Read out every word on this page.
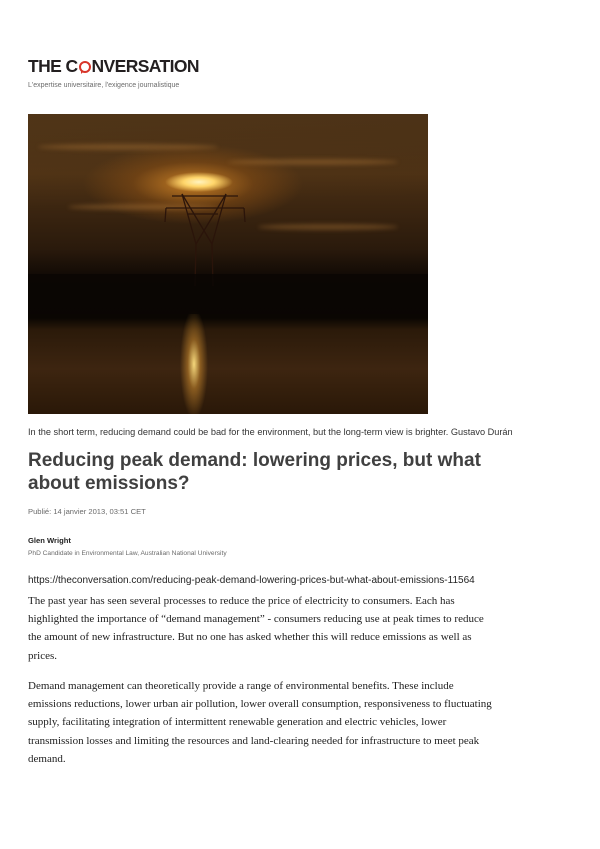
THE C NVERSATION
L'expertise universitaire, l'exigence journalistique
In the short term, reducing demand could be bad for the environment, but the long-term view is brighter. Gustavo Durán
Reducing peak demand: lowering prices, but what about emissions?
Publié: 14 janvier 2013, 03:51 CET
Glen Wright
PhD Candidate in Environmental Law, Australian National University
https://theconversation.com/reducing-peak-demand-lowering-prices-but-what-about-emissions-11564

The past year has seen several processes to reduce the price of electricity to consumers. Each has highlighted the importance of “demand management” - consumers reducing use at peak times to reduce the amount of new infrastructure. But no one has asked whether this will reduce emissions as well as prices.

Demand management can theoretically provide a range of environmental benefits. These include emissions reductions, lower urban air pollution, lower overall consumption, responsiveness to fluctuating supply, facilitating integration of intermittent renewable generation and electric vehicles, lower transmission losses and limiting the resources and land-clearing needed for infrastructure to meet peak demand.
